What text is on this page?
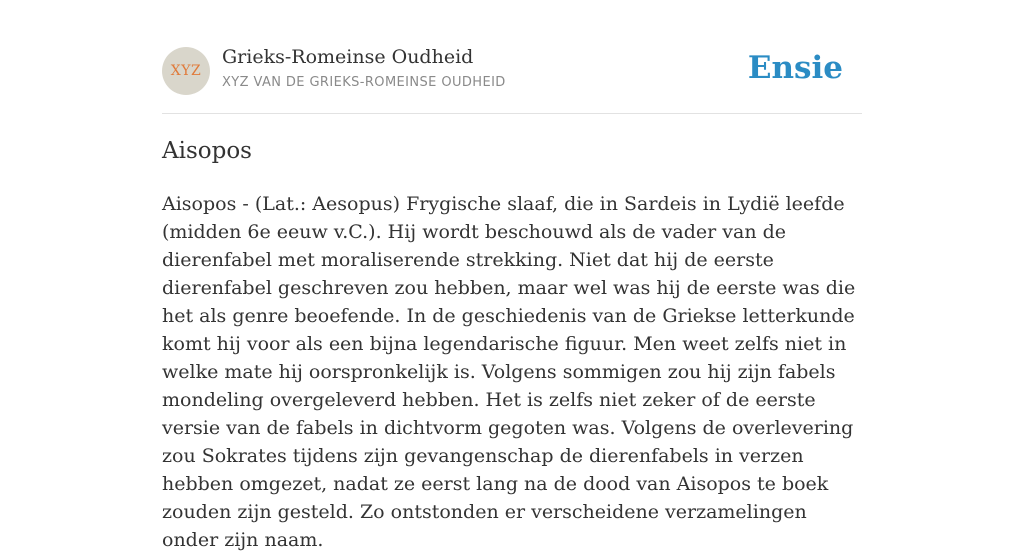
XYZ
Grieks-Romeinse Oudheid
XYZ VAN DE GRIEKS-ROMEINSE OUDHEID	Ensie
Aisopos

Aisopos - (Lat.: Aesopus) Frygische slaaf, die in Sardeis in Lydië leefde (midden 6e eeuw v.C.). Hij wordt beschouwd als de vader van de dierenfabel met moraliserende strekking. Niet dat hij de eerste dierenfabel geschreven zou hebben, maar wel was hij de eerste was die het als genre beoefende. In de geschiedenis van de Griekse letterkunde komt hij voor als een bijna legendarische figuur. Men weet zelfs niet in welke mate hij oorspronkelijk is. Volgens sommigen zou hij zijn fabels mondeling overgeleverd hebben. Het is zelfs niet zeker of de eerste versie van de fabels in dichtvorm gegoten was. Volgens de overlevering zou Sokrates tijdens zijn gevangenschap de dierenfabels in verzen hebben omgezet, nadat ze eerst lang na de dood van Aisopos te boek zouden zijn gesteld. Zo ontstonden er verscheidene verzamelingen onder zijn naam.
